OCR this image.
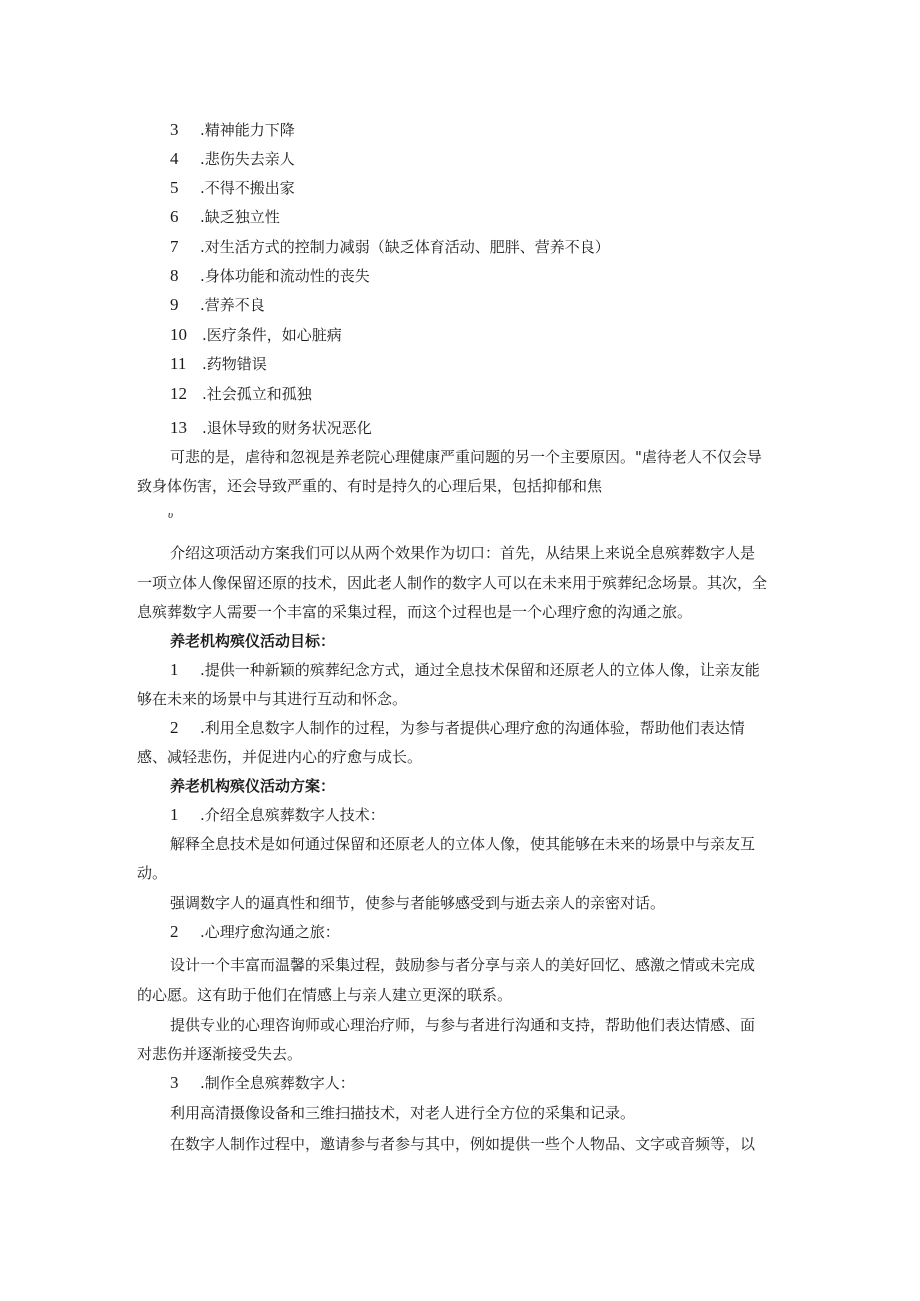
3 .精神能力下降
4 .悲伤失去亲人
5 .不得不搬出家
6 .缺乏独立性
7 .对生活方式的控制力减弱（缺乏体育活动、肥胖、营养不良）
8 .身体功能和流动性的丧失
9 .营养不良
10 .医疗条件，如心脏病
11 .药物错误
12 .社会孤立和孤独
13 .退休导致的财务状况恶化
可悲的是，虐待和忽视是养老院心理健康严重问题的另一个主要原因。"虐待老人不仅会导
致身体伤害，还会导致严重的、有时是持久的心理后果，包括抑郁和焦
υ
介绍这项活动方案我们可以从两个效果作为切口：首先，从结果上来说全息殡葬数字人是
一项立体人像保留还原的技术，因此老人制作的数字人可以在未来用于殡葬纪念场景。其次，全
息殡葬数字人需要一个丰富的采集过程，而这个过程也是一个心理疗愈的沟通之旅。
养老机构殡仪活动目标：
1 .提供一种新颖的殡葬纪念方式，通过全息技术保留和还原老人的立体人像，让亲友能
够在未来的场景中与其进行互动和怀念。
2 .利用全息数字人制作的过程，为参与者提供心理疗愈的沟通体验，帮助他们表达情
感、减轻悲伤，并促进内心的疗愈与成长。
养老机构殡仪活动方案：
1 .介绍全息殡葬数字人技术：
解释全息技术是如何通过保留和还原老人的立体人像，使其能够在未来的场景中与亲友互
动。
强调数字人的逼真性和细节，使参与者能够感受到与逝去亲人的亲密对话。
2 .心理疗愈沟通之旅：
设计一个丰富而温馨的采集过程，鼓励参与者分享与亲人的美好回忆、感激之情或未完成
的心愿。这有助于他们在情感上与亲人建立更深的联系。
提供专业的心理咨询师或心理治疗师，与参与者进行沟通和支持，帮助他们表达情感、面
对悲伤并逐渐接受失去。
3 .制作全息殡葬数字人：
利用高清摄像设备和三维扫描技术，对老人进行全方位的采集和记录。
在数字人制作过程中，邀请参与者参与其中，例如提供一些个人物品、文字或音频等，以
